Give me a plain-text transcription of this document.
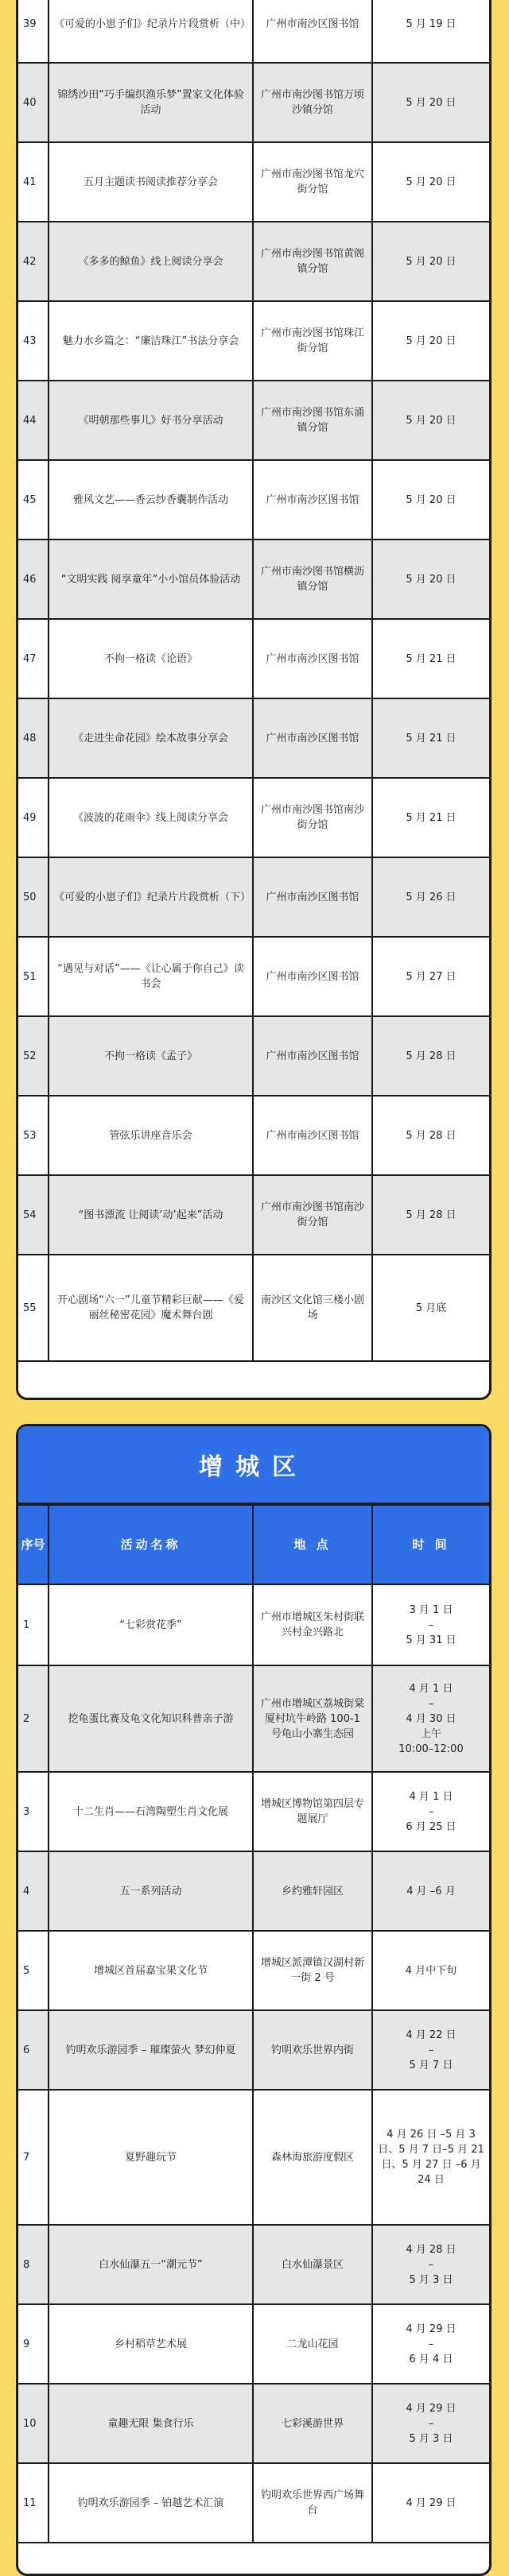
39	《可爱的小崽子们》纪录片片段赏析（中）	广州市南沙区图书馆	5 月 19 日
40	锦绣沙田“巧手编织渔乐梦”置家文化体验活动	广州市南沙图书馆万顷沙镇分馆	5 月 20 日
41	五月主题读书阅读推荐分享会	广州市南沙图书馆龙穴街分馆	5 月 20 日
42	《多多的鲸鱼》线上阅读分享会	广州市南沙图书馆黄阁镇分馆	5 月 20 日
43	魅力水乡篇之：“廉洁珠江”书法分享会	广州市南沙图书馆珠江街分馆	5 月 20 日
44	《明朝那些事儿》好书分享活动	广州市南沙图书馆东涌镇分馆	5 月 20 日
45	雅风文艺——香云纱香囊制作活动	广州市南沙区图书馆	5 月 20 日
46	“文明实践 阅享童年”小小馆员体验活动	广州市南沙图书馆横沥镇分馆	5 月 20 日
47	不拘一格读《论语》	广州市南沙区图书馆	5 月 21 日
48	《走进生命花园》绘本故事分享会	广州市南沙区图书馆	5 月 21 日
49	《波波的花雨伞》线上阅读分享会	广州市南沙图书馆南沙街分馆	5 月 21 日
50	《可爱的小崽子们》纪录片片段赏析（下）	广州市南沙区图书馆	5 月 26 日
51	“遇见与对话”——《让心属于你自己》读书会	广州市南沙区图书馆	5 月 27 日
52	不拘一格读《孟子》	广州市南沙区图书馆	5 月 28 日
53	管弦乐讲座音乐会	广州市南沙区图书馆	5 月 28 日
54	“图书漂流 让阅读‘动’起来”活动	广州市南沙图书馆南沙街分馆	5 月 28 日
55	开心剧场“六一”儿童节精彩巨献——《爱丽丝秘密花园》魔术舞台剧	南沙区文化馆三楼小剧场	5 月底
增城区
序号	活动名称	地 点	时 间
1	“七彩赏花季”	广州市增城区朱村街联兴村金兴路北	3 月 1 日
–
5 月 31 日
2	挖龟蛋比赛及龟文化知识科普亲子游	广州市增城区荔城街棠厦村坑牛岭路 100-1 号龟山小寨生态园	4 月 1 日
–
4 月 30 日
上午
10:00–12:00
3	十二生肖——石湾陶塑生肖文化展	增城区博物馆第四层专题展厅	4 月 1 日
–
6 月 25 日
4	五一系列活动	乡约雅轩园区	4 月 –6 月
5	增城区首届嘉宝果文化节	增城区派潭镇汉湖村新一街 2 号	4 月中下旬
6	钓明欢乐游园季 – 璀璨萤火 梦幻仲夏	钓明欢乐世界内街	4 月 22 日
–
5 月 7 日
7	夏野趣玩节	森林海旅游度假区	4 月 26 日 –5 月 3 日、5 月 7 日–5 月 21 日、5 月 27 日 –6 月 24 日
8	白水仙瀑五一“潮元节”	白水仙瀑景区	4 月 28 日
–
5 月 3 日
9	乡村稻草艺术展	二龙山花园	4 月 29 日
–
6 月 4 日
10	童趣无限 集食行乐	七彩溪游世界	4 月 29 日
–
5 月 3 日
11	钓明欢乐游园季 – 铂越艺术汇演	钓明欢乐世界西广场舞台	4 月 29 日
